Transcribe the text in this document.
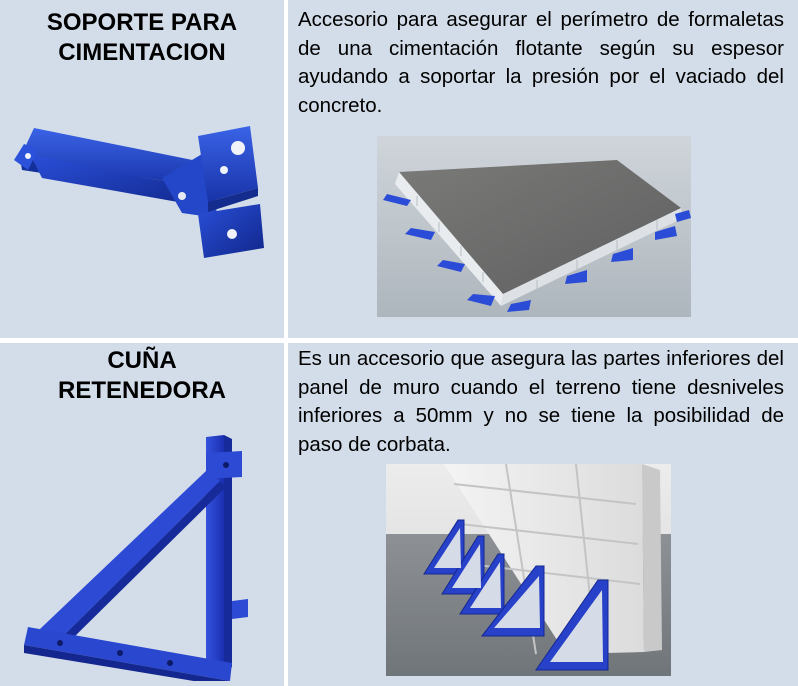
SOPORTE PARA
CIMENTACION
Accesorio para asegurar el perímetro de formaletas de una cimentación flotante según su espesor ayudando a soportar la presión por el vaciado del concreto.
CUÑA
RETENEDORA
Es un accesorio que asegura las partes inferiores del panel de muro cuando el terreno tiene desniveles inferiores a 50mm y no se tiene la posibilidad de paso de corbata.
